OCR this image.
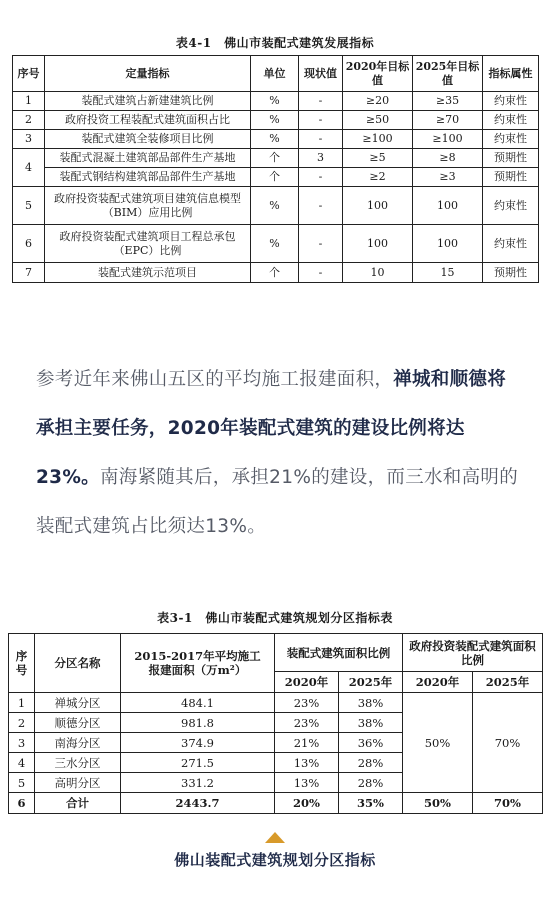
表4-1　佛山市装配式建筑发展指标
序号	定量指标	单位	现状值	2020年目标值	2025年目标值	指标属性
1	装配式建筑占新建建筑比例	%	-	≥20	≥35	约束性
2	政府投资工程装配式建筑面积占比	%	-	≥50	≥70	约束性
3	装配式建筑全装修项目比例	%	-	≥100	≥100	约束性
4	装配式混凝土建筑部品部件生产基地	个	3	≥5	≥8	预期性
	装配式钢结构建筑部品部件生产基地	个	-	≥2	≥3	预期性
5	政府投资装配式建筑项目建筑信息模型（BIM）应用比例	%	-	100	100	约束性
6	政府投资装配式建筑项目工程总承包（EPC）比例	%	-	100	100	约束性
7	装配式建筑示范项目	个	-	10	15	预期性
参考近年来佛山五区的平均施工报建面积，禅城和顺德将承担主要任务，2020年装配式建筑的建设比例将达23%。南海紧随其后，承担21%的建设，而三水和高明的装配式建筑占比须达13%。
表3-1　佛山市装配式建筑规划分区指标表
序号	分区名称	2015-2017年平均施工报建面积（万m²）	装配式建筑面积比例		政府投资装配式建筑面积比例	
			2020年	2025年	2020年	2025年
1	禅城分区	484.1	23%	38%	50%	70%
2	顺德分区	981.8	23%	38%		
3	南海分区	374.9	21%	36%		
4	三水分区	271.5	13%	28%		
5	高明分区	331.2	13%	28%		
6	合计	2443.7	20%	35%	50%	70%
佛山装配式建筑规划分区指标
